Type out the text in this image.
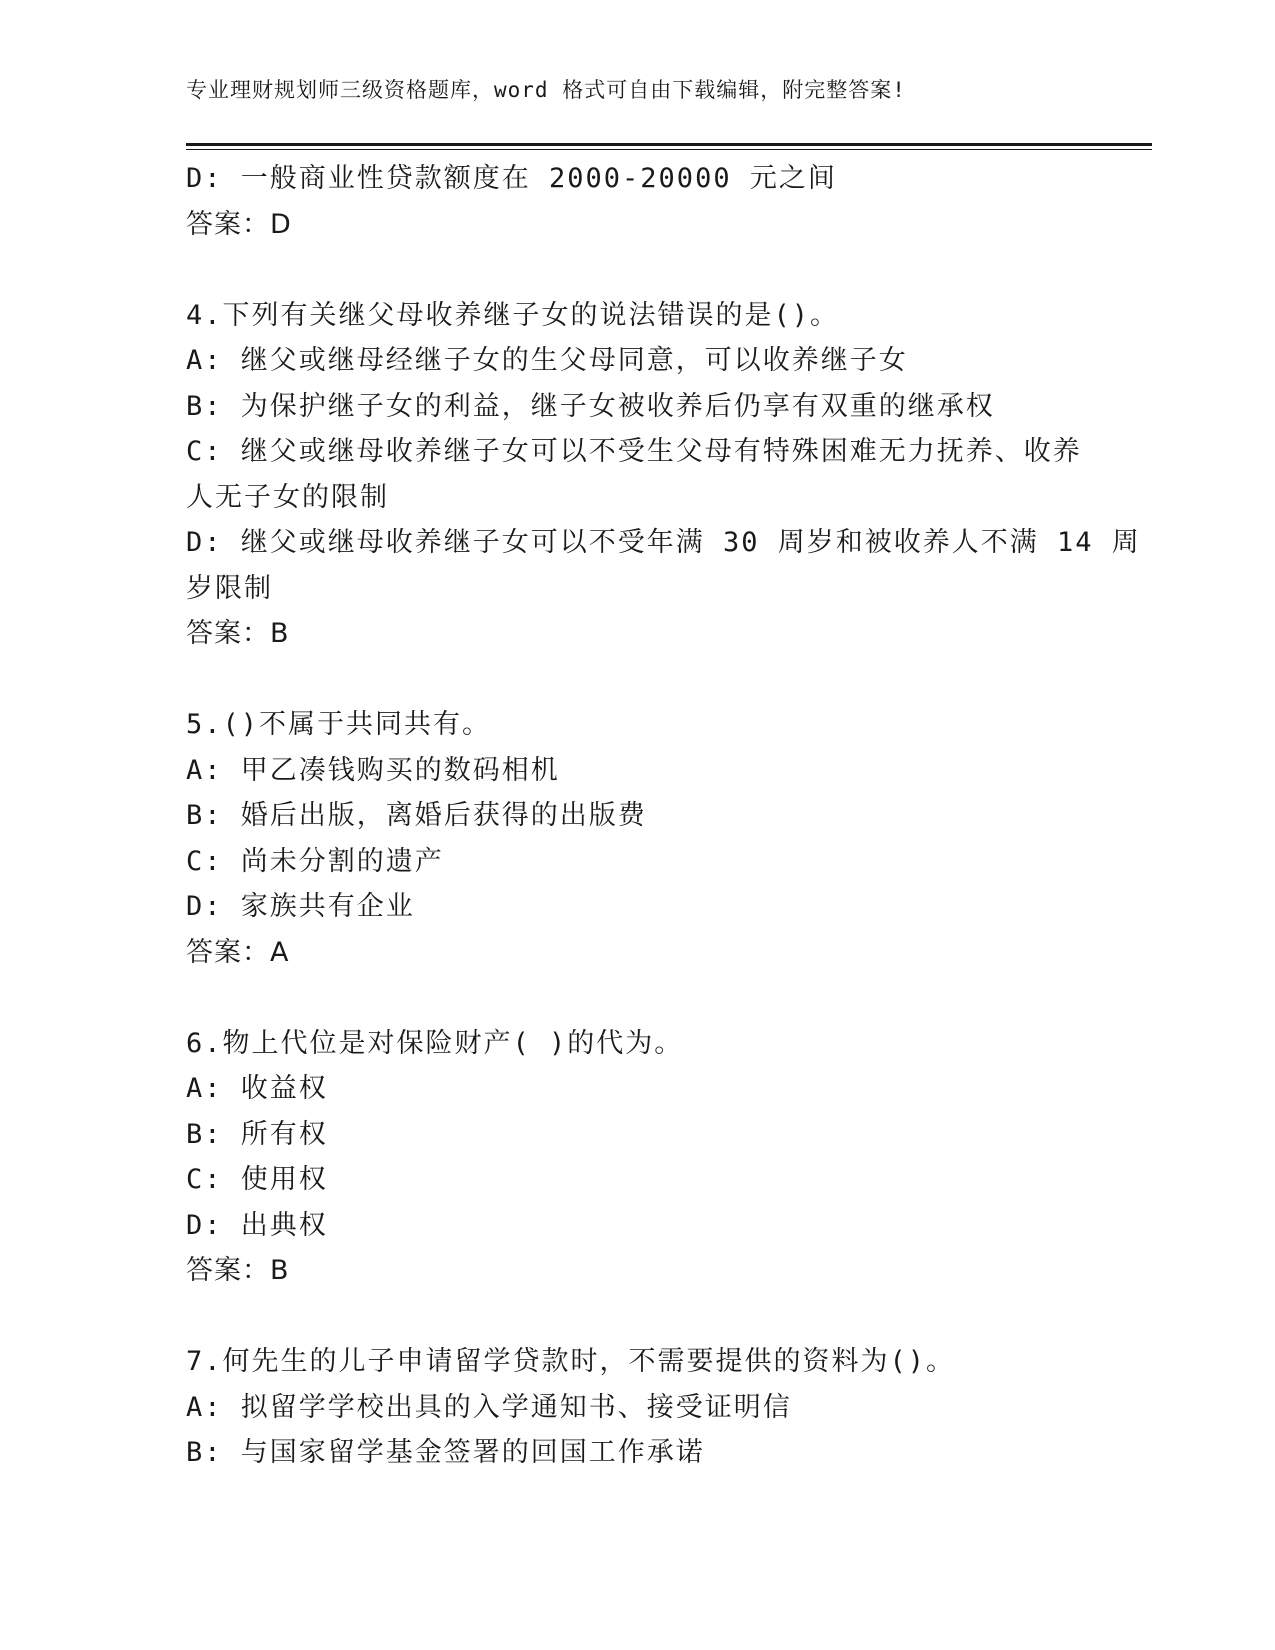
专业理财规划师三级资格题库，word 格式可自由下载编辑，附完整答案!
D: 一般商业性贷款额度在 2000-20000 元之间
答案：D
4.下列有关继父母收养继子女的说法错误的是()。
A: 继父或继母经继子女的生父母同意，可以收养继子女
B: 为保护继子女的利益，继子女被收养后仍享有双重的继承权
C: 继父或继母收养继子女可以不受生父母有特殊困难无力抚养、收养
人无子女的限制
D: 继父或继母收养继子女可以不受年满 30 周岁和被收养人不满 14 周
岁限制
答案：B
5.()不属于共同共有。
A: 甲乙凑钱购买的数码相机
B: 婚后出版，离婚后获得的出版费
C: 尚未分割的遗产
D: 家族共有企业
答案：A
6.物上代位是对保险财产( )的代为。
A: 收益权
B: 所有权
C: 使用权
D: 出典权
答案：B
7.何先生的儿子申请留学贷款时，不需要提供的资料为()。
A: 拟留学学校出具的入学通知书、接受证明信
B: 与国家留学基金签署的回国工作承诺
